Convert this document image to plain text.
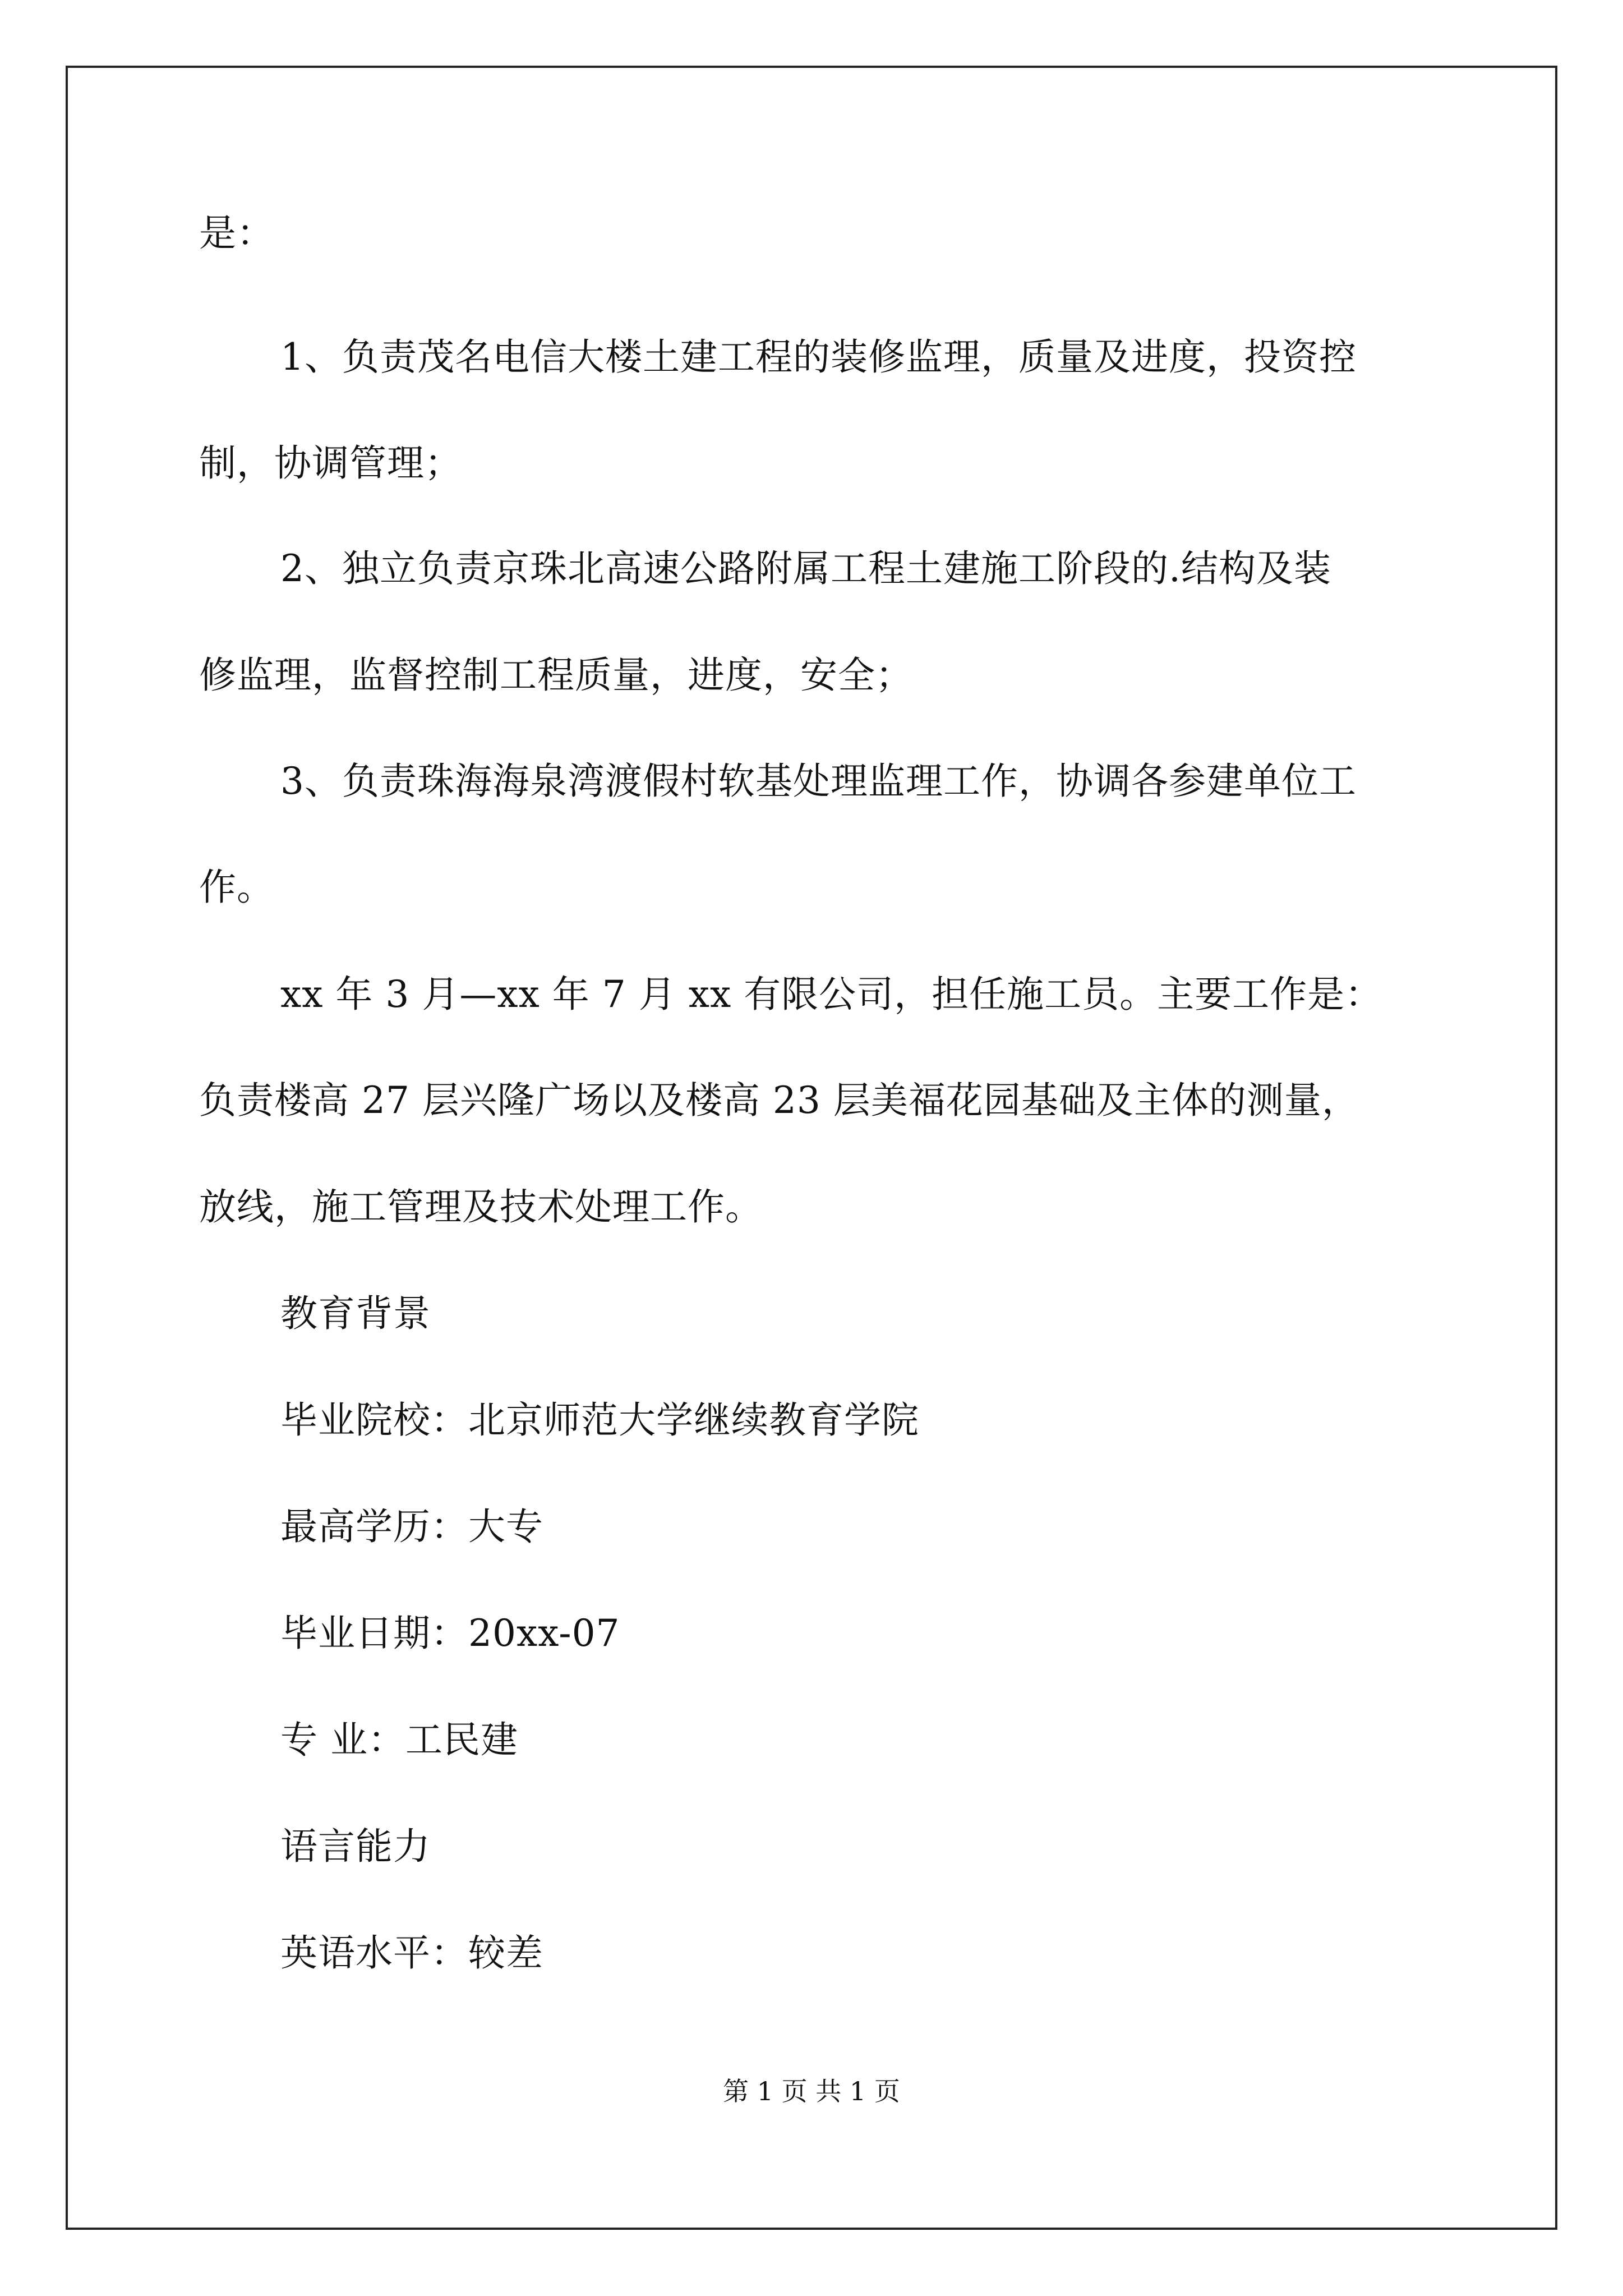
是：

1、负责茂名电信大楼土建工程的装修监理，质量及进度，投资控

制，协调管理；

2、独立负责京珠北高速公路附属工程土建施工阶段的.结构及装

修监理，监督控制工程质量，进度，安全；

3、负责珠海海泉湾渡假村软基处理监理工作，协调各参建单位工

作。

xx 年 3 月—xx 年 7 月 xx 有限公司，担任施工员。主要工作是：

负责楼高 27 层兴隆广场以及楼高 23 层美福花园基础及主体的测量，

放线，施工管理及技术处理工作。

教育背景

毕业院校：北京师范大学继续教育学院

最高学历：大专

毕业日期：20xx-07

专 业：工民建

语言能力

英语水平：较差

第 1 页 共 1 页
